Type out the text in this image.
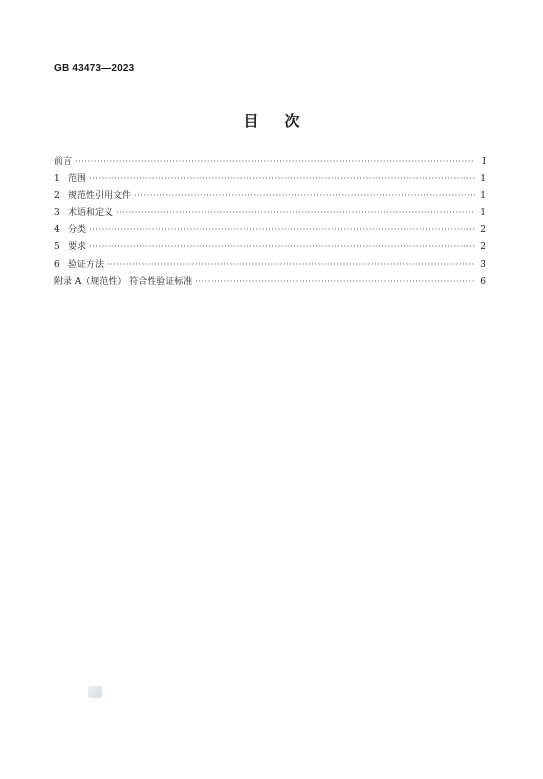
GB 43473—2023
目次
前言 ·····	Ⅰ
1 范围 ·····	1
2 规范性引用文件 ·····	1
3 术语和定义 ·····	1
4 分类 ·····	2
5 要求 ·····	2
6 验证方法 ·····	3
附录 A（规范性） 符合性验证标准 ·····	6
